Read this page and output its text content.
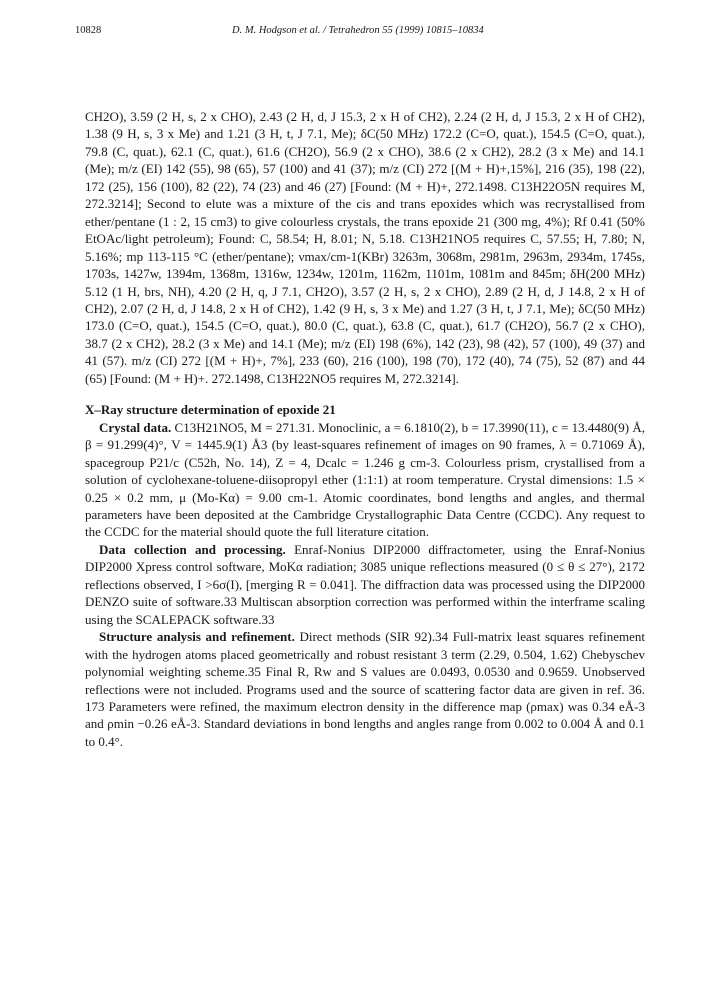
10828	D. M. Hodgson et al. / Tetrahedron 55 (1999) 10815–10834

CH2O), 3.59 (2 H, s, 2 x CHO), 2.43 (2 H, d, J 15.3, 2 x H of CH2), 2.24 (2 H, d, J 15.3, 2 x H of CH2), 1.38 (9 H, s, 3 x Me) and 1.21 (3 H, t, J 7.1, Me); δC(50 MHz) 172.2 (C=O, quat.), 154.5 (C=O, quat.), 79.8 (C, quat.), 62.1 (C, quat.), 61.6 (CH2O), 56.9 (2 x CHO), 38.6 (2 x CH2), 28.2 (3 x Me) and 14.1 (Me); m/z (EI) 142 (55), 98 (65), 57 (100) and 41 (37); m/z (CI) 272 [(M + H)+,15%], 216 (35), 198 (22), 172 (25), 156 (100), 82 (22), 74 (23) and 46 (27) [Found: (M + H)+, 272.1498. C13H22O5N requires M, 272.3214]; Second to elute was a mixture of the cis and trans epoxides which was recrystallised from ether/pentane (1 : 2, 15 cm3) to give colourless crystals, the trans epoxide 21 (300 mg, 4%); Rf 0.41 (50% EtOAc/light petroleum); Found: C, 58.54; H, 8.01; N, 5.18. C13H21NO5 requires C, 57.55; H, 7.80; N, 5.16%; mp 113-115 °C (ether/pentane); νmax/cm-1(KBr) 3263m, 3068m, 2981m, 2963m, 2934m, 1745s, 1703s, 1427w, 1394m, 1368m, 1316w, 1234w, 1201m, 1162m, 1101m, 1081m and 845m; δH(200 MHz) 5.12 (1 H, brs, NH), 4.20 (2 H, q, J 7.1, CH2O), 3.57 (2 H, s, 2 x CHO), 2.89 (2 H, d, J 14.8, 2 x H of CH2), 2.07 (2 H, d, J 14.8, 2 x H of CH2), 1.42 (9 H, s, 3 x Me) and 1.27 (3 H, t, J 7.1, Me); δC(50 MHz) 173.0 (C=O, quat.), 154.5 (C=O, quat.), 80.0 (C, quat.), 63.8 (C, quat.), 61.7 (CH2O), 56.7 (2 x CHO), 38.7 (2 x CH2), 28.2 (3 x Me) and 14.1 (Me); m/z (EI) 198 (6%), 142 (23), 98 (42), 57 (100), 49 (37) and 41 (57). m/z (CI) 272 [(M + H)+, 7%], 233 (60), 216 (100), 198 (70), 172 (40), 74 (75), 52 (87) and 44 (65) [Found: (M + H)+. 272.1498, C13H22NO5 requires M, 272.3214].

X–Ray structure determination of epoxide 21

Crystal data. C13H21NO5, M = 271.31. Monoclinic, a = 6.1810(2), b = 17.3990(11), c = 13.4480(9) Å, β = 91.299(4)°, V = 1445.9(1) Å3 (by least-squares refinement of images on 90 frames, λ = 0.71069 Å), spacegroup P21/c (C52h, No. 14), Z = 4, Dcalc = 1.246 g cm-3. Colourless prism, crystallised from a solution of cyclohexane-toluene-diisopropyl ether (1:1:1) at room temperature. Crystal dimensions: 1.5 × 0.25 × 0.2 mm, μ (Mo-Kα) = 9.00 cm-1. Atomic coordinates, bond lengths and angles, and thermal parameters have been deposited at the Cambridge Crystallographic Data Centre (CCDC). Any request to the CCDC for the material should quote the full literature citation.

Data collection and processing. Enraf-Nonius DIP2000 diffractometer, using the Enraf-Nonius DIP2000 Xpress control software, MoKα radiation; 3085 unique reflections measured (0 ≤ θ ≤ 27°), 2172 reflections observed, I >6σ(I), [merging R = 0.041]. The diffraction data was processed using the DIP2000 DENZO suite of software.33 Multiscan absorption correction was performed within the interframe scaling using the SCALEPACK software.33

Structure analysis and refinement. Direct methods (SIR 92).34 Full-matrix least squares refinement with the hydrogen atoms placed geometrically and robust resistant 3 term (2.29, 0.504, 1.62) Chebyschev polynomial weighting scheme.35 Final R, Rw and S values are 0.0493, 0.0530 and 0.9659. Unobserved reflections were not included. Programs used and the source of scattering factor data are given in ref. 36. 173 Parameters were refined, the maximum electron density in the difference map (ρmax) was 0.34 eÅ-3 and ρmin −0.26 eÅ-3. Standard deviations in bond lengths and angles range from 0.002 to 0.004 Å and 0.1 to 0.4°.
